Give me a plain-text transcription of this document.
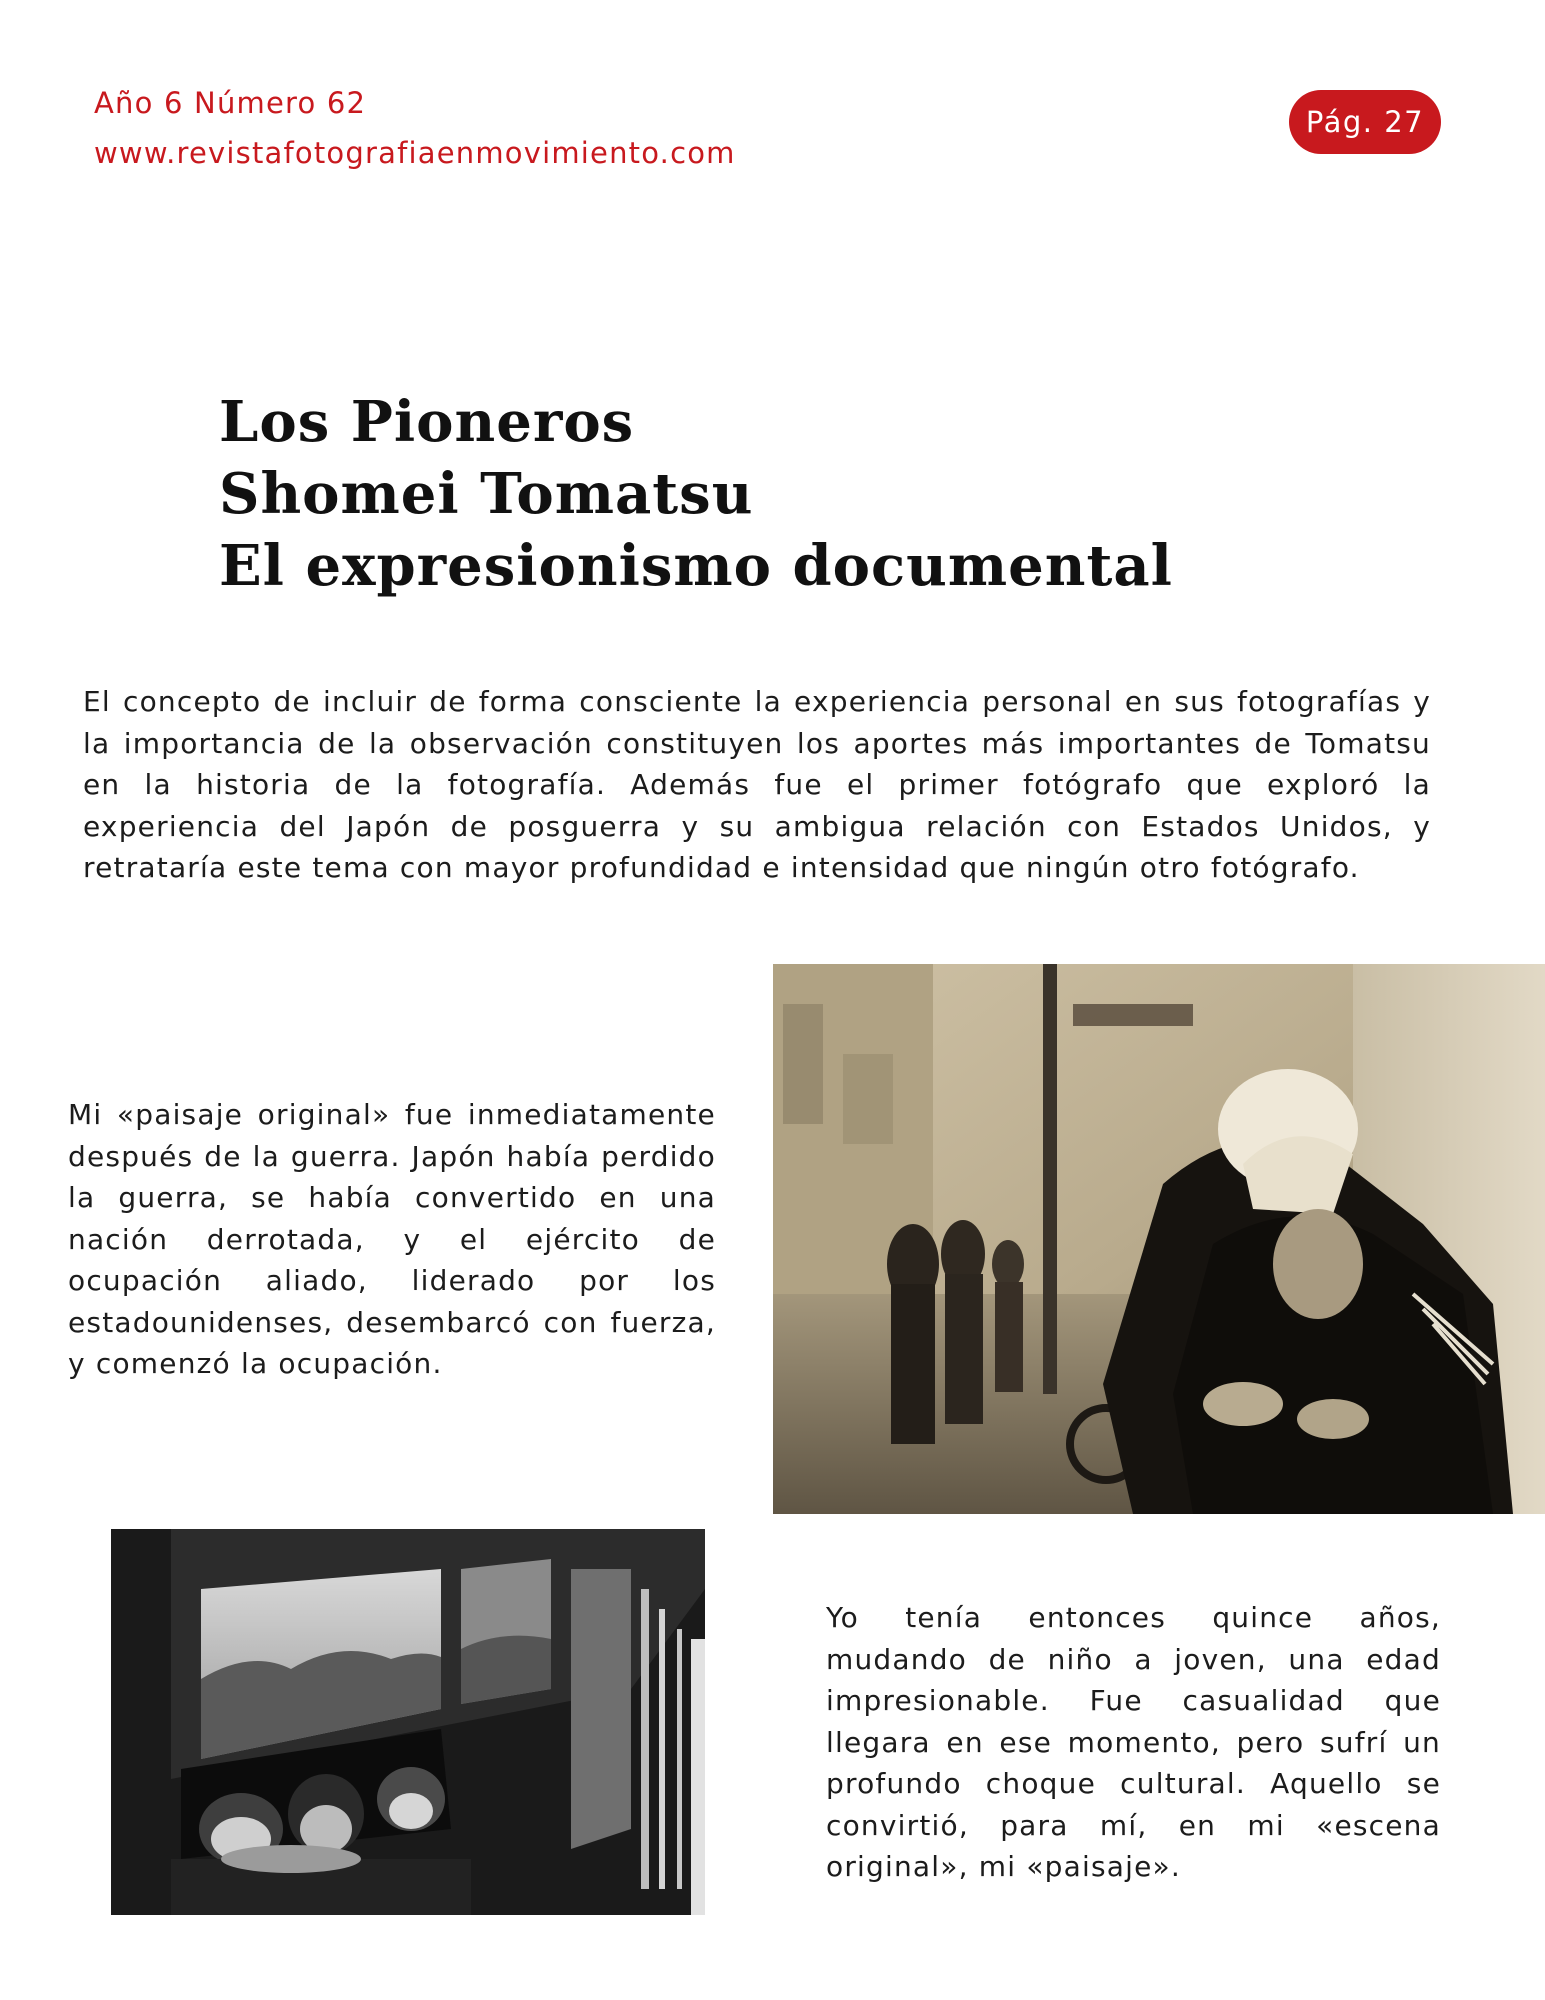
Año 6 Número 62
www.revistafotografiaenmovimiento.com
Pág. 27
Los Pioneros
Shomei Tomatsu
El expresionismo documental

El concepto de incluir de forma consciente la experiencia personal en sus fotografías y la importancia de la observación constituyen los aportes más importantes de Tomatsu en la historia de la fotografía. Además fue el primer fotógrafo que exploró la experiencia del Japón de posguerra y su ambigua relación con Estados Unidos, y retrataría este tema con mayor profundidad e intensidad que ningún otro fotógrafo.

Mi «paisaje original» fue inmediatamente después de la guerra. Japón había perdido la guerra, se había convertido en una nación derrotada, y el ejército de ocupación aliado, liderado por los estadounidenses, desembarcó con fuerza, y comenzó la ocupación.

Yo tenía entonces quince años, mudando de niño a joven, una edad impresionable. Fue casualidad que llegara en ese momento, pero sufrí un profundo choque cultural. Aquello se convirtió, para mí, en mi «escena original», mi «paisaje».
